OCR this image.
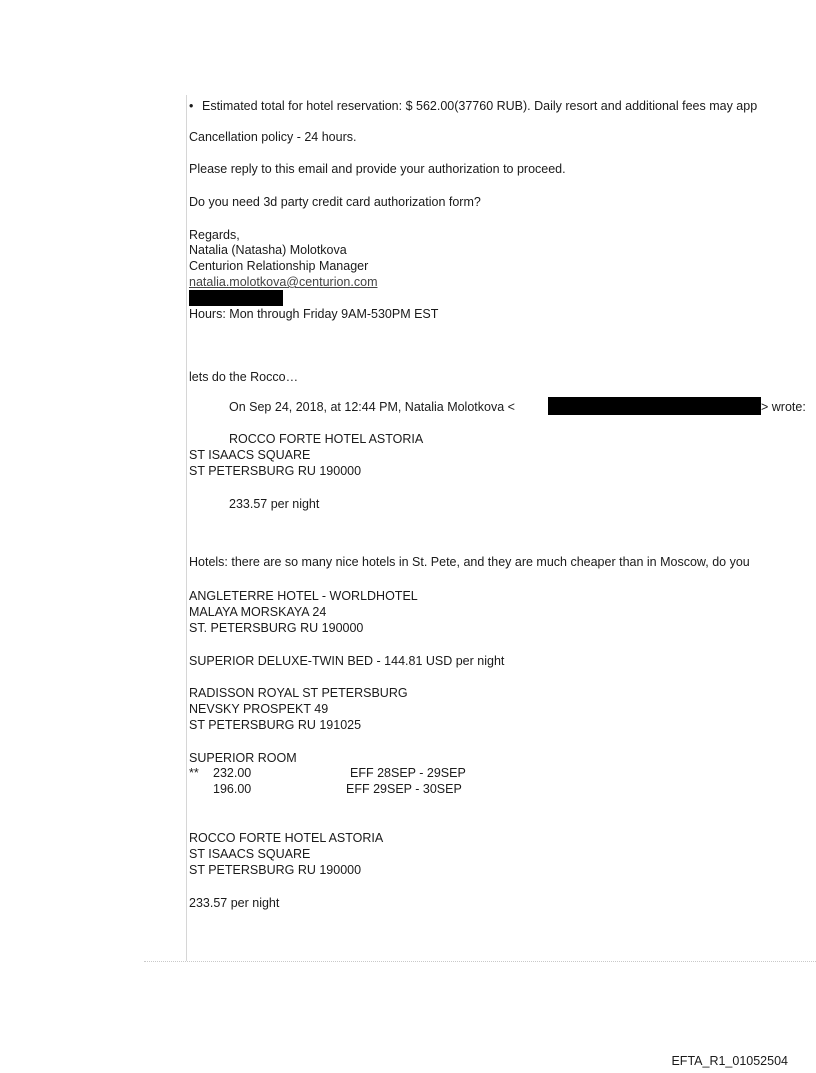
• Estimated total for hotel reservation: $ 562.00(37760 RUB). Daily resort and additional fees may app
Cancellation policy - 24 hours.
Please reply to this email and provide your authorization to proceed.
Do you need 3d party credit card authorization form?
Regards,
Natalia (Natasha) Molotkova
Centurion Relationship Manager
natalia.molotkova@centurion.com
Hours: Mon through Friday 9AM-530PM EST
lets do the Rocco…
On Sep 24, 2018, at 12:44 PM, Natalia Molotkova <	> wrote:
ROCCO FORTE HOTEL ASTORIA
ST ISAACS SQUARE
ST PETERSBURG RU 190000
233.57 per night
Hotels: there are so many nice hotels in St. Pete, and they are much cheaper than in Moscow, do you
ANGLETERRE HOTEL - WORLDHOTEL
MALAYA MORSKAYA 24
ST. PETERSBURG RU 190000
SUPERIOR DELUXE-TWIN BED - 144.81 USD per night
RADISSON ROYAL ST PETERSBURG
NEVSKY PROSPEKT 49
ST PETERSBURG RU 191025
SUPERIOR ROOM
** 232.00	EFF 28SEP - 29SEP
196.00	EFF 29SEP - 30SEP
ROCCO FORTE HOTEL ASTORIA
ST ISAACS SQUARE
ST PETERSBURG RU 190000
233.57 per night
EFTA_R1_01052504
